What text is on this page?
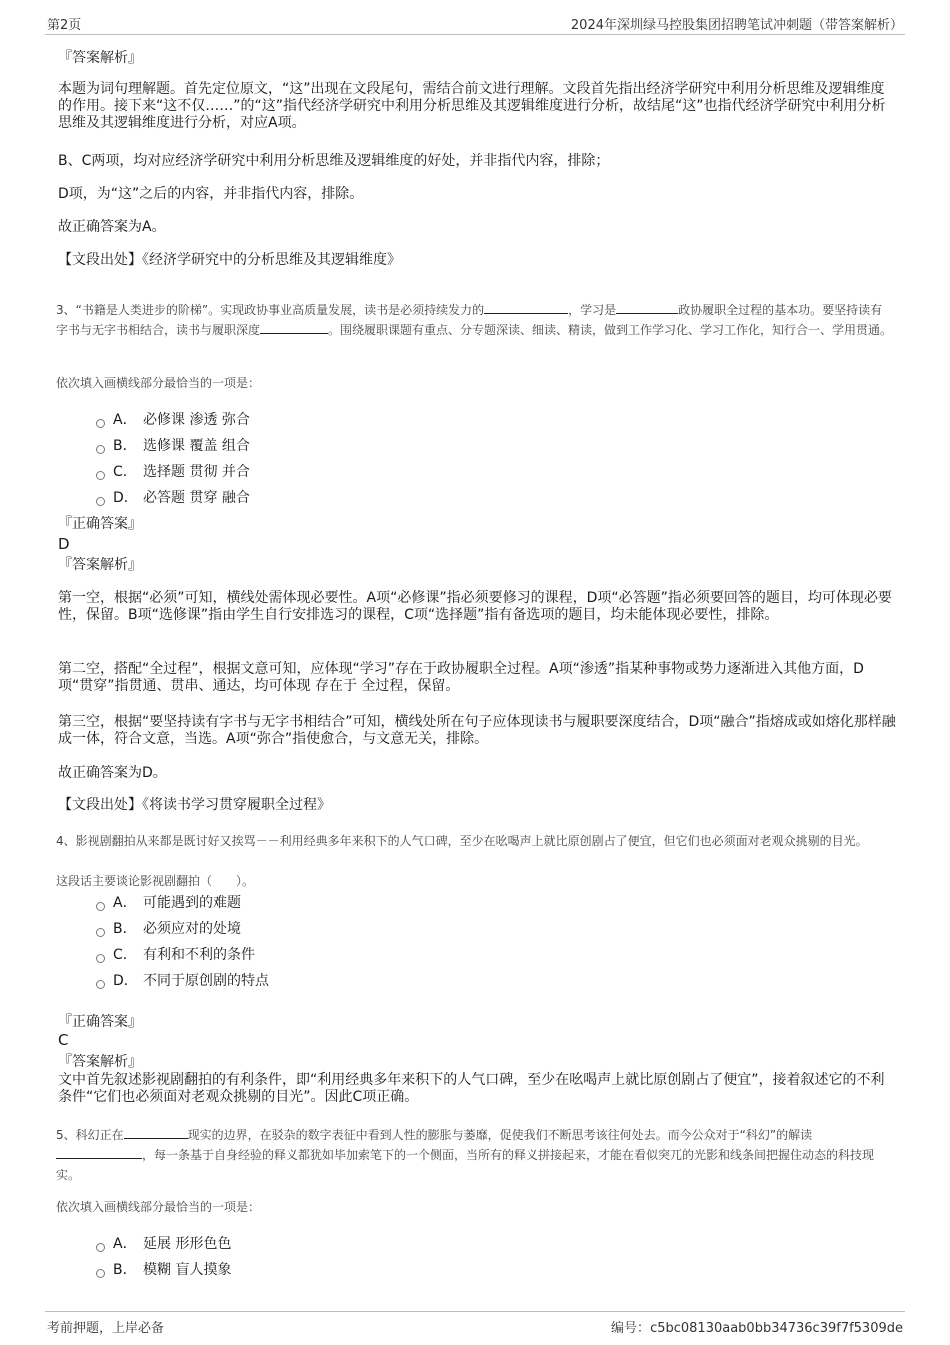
第2页	2024年深圳绿马控股集团招聘笔试冲刺题（带答案解析）
『答案解析』
本题为词句理解题。首先定位原文，“这”出现在文段尾句，需结合前文进行理解。文段首先指出经济学研究中利用分析思维及逻辑维度的作用。接下来“这不仅……”的“这”指代经济学研究中利用分析思维及其逻辑维度进行分析，故结尾“这”也指代经济学研究中利用分析思维及其逻辑维度进行分析，对应A项。
B、C两项，均对应经济学研究中利用分析思维及逻辑维度的好处，并非指代内容，排除；
D项，为“这”之后的内容，并非指代内容，排除。
故正确答案为A。
【文段出处】《经济学研究中的分析思维及其逻辑维度》
3、“书籍是人类进步的阶梯”。实现政协事业高质量发展，读书是必须持续发力的	，学习是	政协履职全过程的基本功。要坚持读有字书与无字书相结合，读书与履职深度	。围绕履职课题有重点、分专题深读、细读、精读，做到工作学习化、学习工作化，知行合一、学用贯通。
依次填入画横线部分最恰当的一项是：
A． 必修课 渗透 弥合
B． 选修课 覆盖 组合
C． 选择题 贯彻 并合
D． 必答题 贯穿 融合
『正确答案』
D
『答案解析』
第一空，根据“必须”可知，横线处需体现必要性。A项“必修课”指必须要修习的课程，D项“必答题”指必须要回答的题目，均可体现必要性，保留。B项“选修课”指由学生自行安排选习的课程，C项“选择题”指有备选项的题目，均未能体现必要性，排除。
第二空，搭配“全过程”，根据文意可知，应体现“学习”存在于政协履职全过程。A项“渗透”指某种事物或势力逐渐进入其他方面，D项“贯穿”指贯通、贯串、通达，均可体现 存在于 全过程，保留。
第三空，根据“要坚持读有字书与无字书相结合”可知，横线处所在句子应体现读书与履职要深度结合，D项“融合”指熔成或如熔化那样融成一体，符合文意，当选。A项“弥合”指使愈合，与文意无关，排除。
故正确答案为D。
【文段出处】《将读书学习贯穿履职全过程》
4、影视剧翻拍从来都是既讨好又挨骂－－利用经典多年来积下的人气口碑，至少在吆喝声上就比原创剧占了便宜，但它们也必须面对老观众挑剔的目光。
这段话主要谈论影视剧翻拍（　　）。
A． 可能遇到的难题
B． 必须应对的处境
C． 有利和不利的条件
D． 不同于原创剧的特点
『正确答案』
C
『答案解析』
文中首先叙述影视剧翻拍的有利条件，即“利用经典多年来积下的人气口碑，至少在吆喝声上就比原创剧占了便宜”，接着叙述它的不利条件“它们也必须面对老观众挑剔的目光”。因此C项正确。
5、科幻正在	现实的边界，在驳杂的数字表征中看到人性的膨胀与萎靡，促使我们不断思考该往何处去。而今公众对于“科幻”的解读，每一条基于自身经验的释义都犹如毕加索笔下的一个侧面，当所有的释义拼接起来，才能在看似突兀的光影和线条间把握住动态的科技现实。
依次填入画横线部分最恰当的一项是：
A． 延展 形形色色
B． 模糊 盲人摸象
考前押题，上岸必备	编号：c5bc08130aab0bb34736c39f7f5309de
